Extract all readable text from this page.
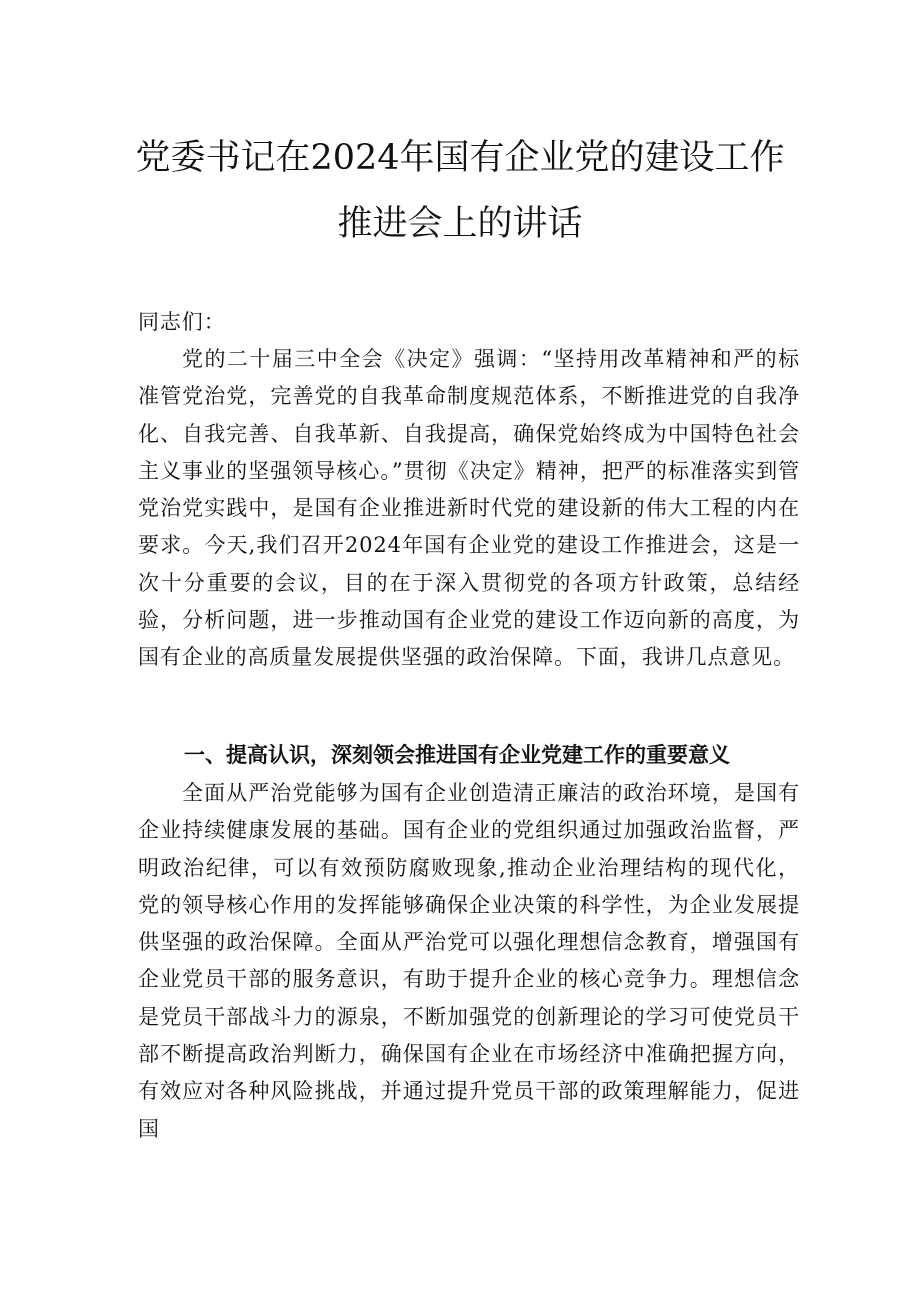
党委书记在2024年国有企业党的建设工作
推进会上的讲话

同志们：

党的二十届三中全会《决定》强调：“坚持用改革精神和严的标准管党治党，完善党的自我革命制度规范体系，不断推进党的自我净化、自我完善、自我革新、自我提高，确保党始终成为中国特色社会主义事业的坚强领导核心。”贯彻《决定》精神，把严的标准落实到管党治党实践中，是国有企业推进新时代党的建设新的伟大工程的内在要求。今天,我们召开2024年国有企业党的建设工作推进会，这是一次十分重要的会议，目的在于深入贯彻党的各项方针政策，总结经验，分析问题，进一步推动国有企业党的建设工作迈向新的高度，为国有企业的高质量发展提供坚强的政治保障。下面，我讲几点意见。

一、提高认识，深刻领会推进国有企业党建工作的重要意义

全面从严治党能够为国有企业创造清正廉洁的政治环境，是国有企业持续健康发展的基础。国有企业的党组织通过加强政治监督，严明政治纪律，可以有效预防腐败现象,推动企业治理结构的现代化，党的领导核心作用的发挥能够确保企业决策的科学性，为企业发展提供坚强的政治保障。全面从严治党可以强化理想信念教育，增强国有企业党员干部的服务意识，有助于提升企业的核心竞争力。理想信念是党员干部战斗力的源泉，不断加强党的创新理论的学习可使党员干部不断提高政治判断力，确保国有企业在市场经济中准确把握方向，有效应对各种风险挑战，并通过提升党员干部的政策理解能力，促进国
